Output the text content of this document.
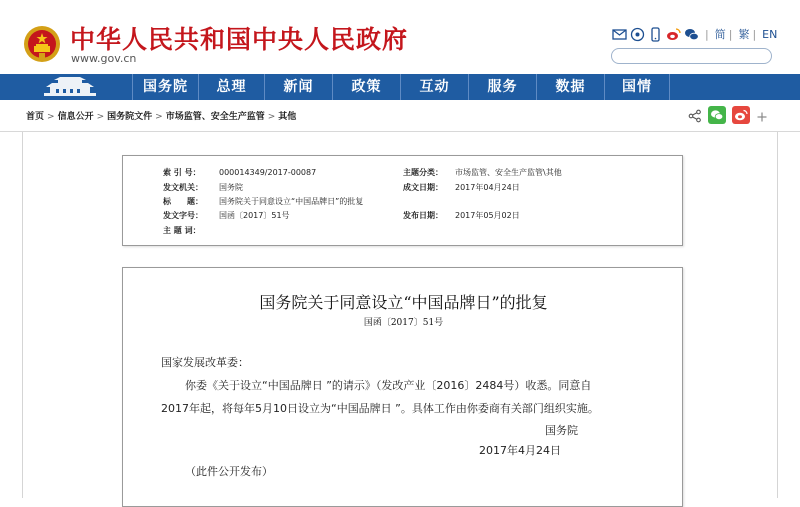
中华人民共和国中央人民政府
www.gov.cn
| 简 | 繁 | EN
国务院	总理	新闻	政策	互动	服务	数据	国情
首页 > 信息公开 > 国务院文件 > 市场监管、安全生产监管 > 其他
索 引 号： 000014349/2017-00087	主题分类： 市场监管、安全生产监管\其他
发文机关： 国务院	成文日期： 2017年04月24日
标　　题： 国务院关于同意设立“中国品牌日”的批复
发文字号： 国函〔2017〕51号	发布日期： 2017年05月02日
主 题 词：
国务院关于同意设立“中国品牌日”的批复
国函〔2017〕51号
国家发展改革委：
你委《关于设立“中国品牌日 ”的请示》（发改产业〔2016〕2484号）收悉。同意自
2017年起，将每年5月10日设立为“中国品牌日 ”。具体工作由你委商有关部门组织实施。
国务院
2017年4月24日
（此件公开发布）
